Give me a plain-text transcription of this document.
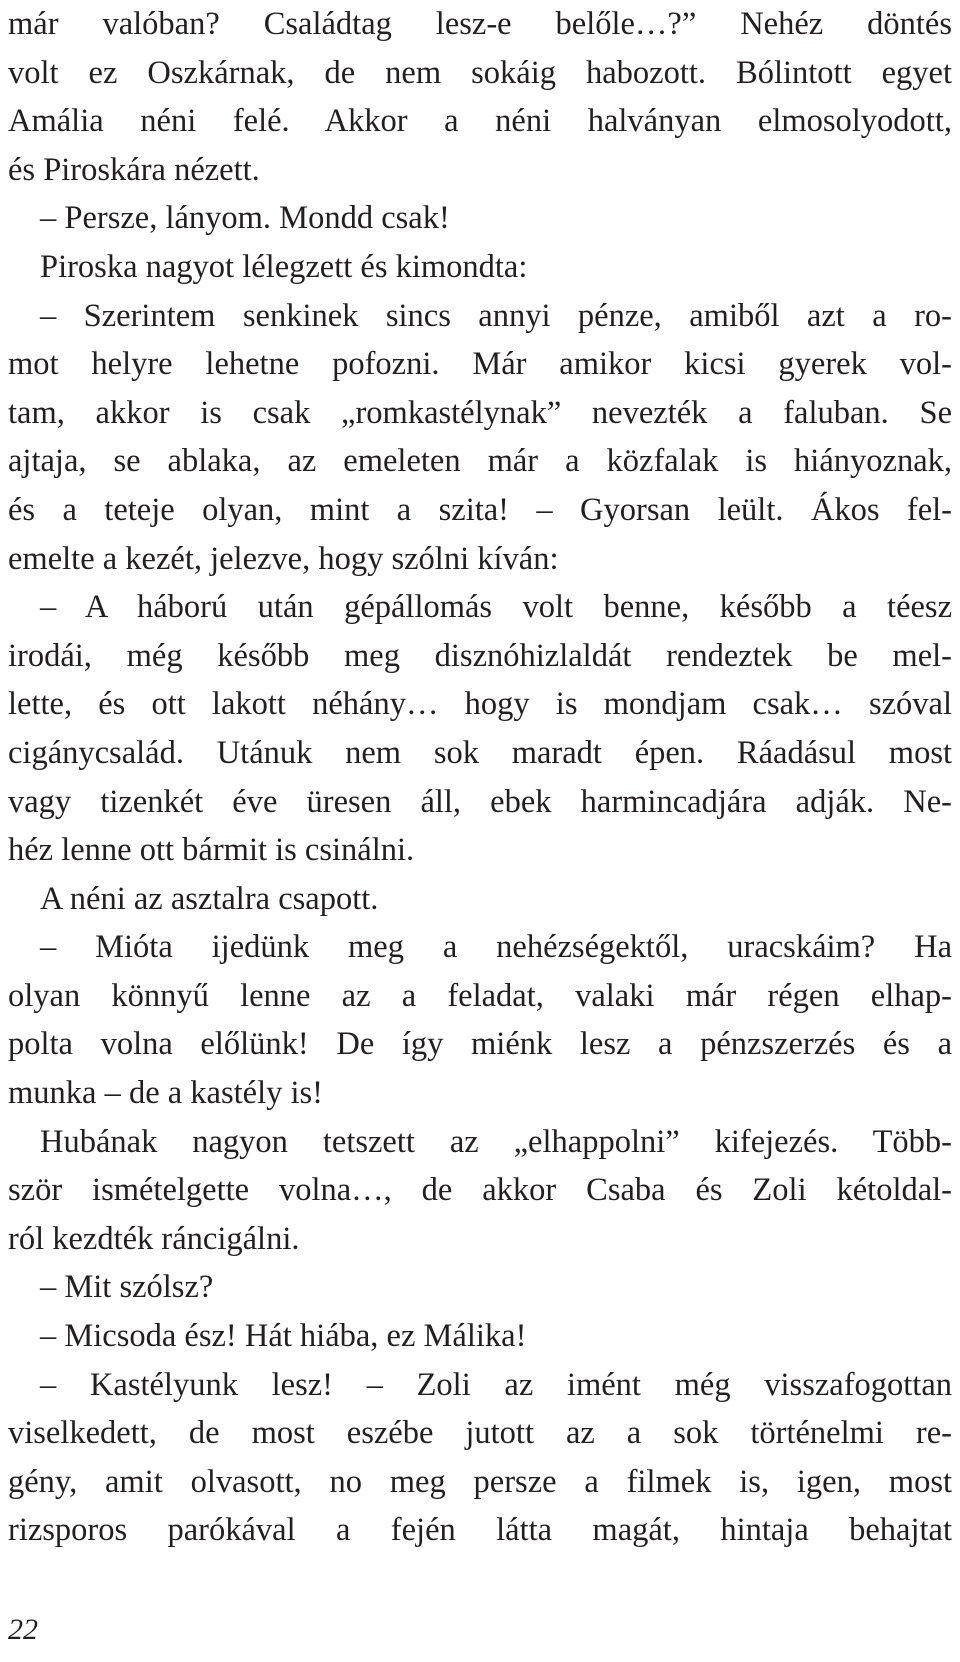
már valóban? Családtag lesz-e belőle…?” Nehéz döntés
volt ez Oszkárnak, de nem sokáig habozott. Bólintott egyet
Amália néni felé. Akkor a néni halványan elmosolyodott,
és Piroskára nézett.
– Persze, lányom. Mondd csak!
Piroska nagyot lélegzett és kimondta:
– Szerintem senkinek sincs annyi pénze, amiből azt a ro-
mot helyre lehetne pofozni. Már amikor kicsi gyerek vol-
tam, akkor is csak „romkastélynak” nevezték a faluban. Se
ajtaja, se ablaka, az emeleten már a közfalak is hiányoznak,
és a teteje olyan, mint a szita! – Gyorsan leült. Ákos fel-
emelte a kezét, jelezve, hogy szólni kíván:
– A háború után gépállomás volt benne, később a téesz
irodái, még később meg disznóhizlaldát rendeztek be mel-
lette, és ott lakott néhány… hogy is mondjam csak… szóval
cigánycsalád. Utánuk nem sok maradt épen. Ráadásul most
vagy tizenkét éve üresen áll, ebek harmincadjára adják. Ne-
héz lenne ott bármit is csinálni.
A néni az asztalra csapott.
– Mióta ijedünk meg a nehézségektől, uracskáim? Ha
olyan könnyű lenne az a feladat, valaki már régen elhap-
polta volna előlünk! De így miénk lesz a pénzszerzés és a
munka – de a kastély is!
Hubának nagyon tetszett az „elhappolni” kifejezés. Több-
ször ismételgette volna…, de akkor Csaba és Zoli kétoldal-
ról kezdték ráncigálni.
– Mit szólsz?
– Micsoda ész! Hát hiába, ez Málika!
– Kastélyunk lesz! – Zoli az imént még visszafogottan
viselkedett, de most eszébe jutott az a sok történelmi re-
gény, amit olvasott, no meg persze a filmek is, igen, most
rizsporos parókával a fején látta magát, hintaja behajtat
22
